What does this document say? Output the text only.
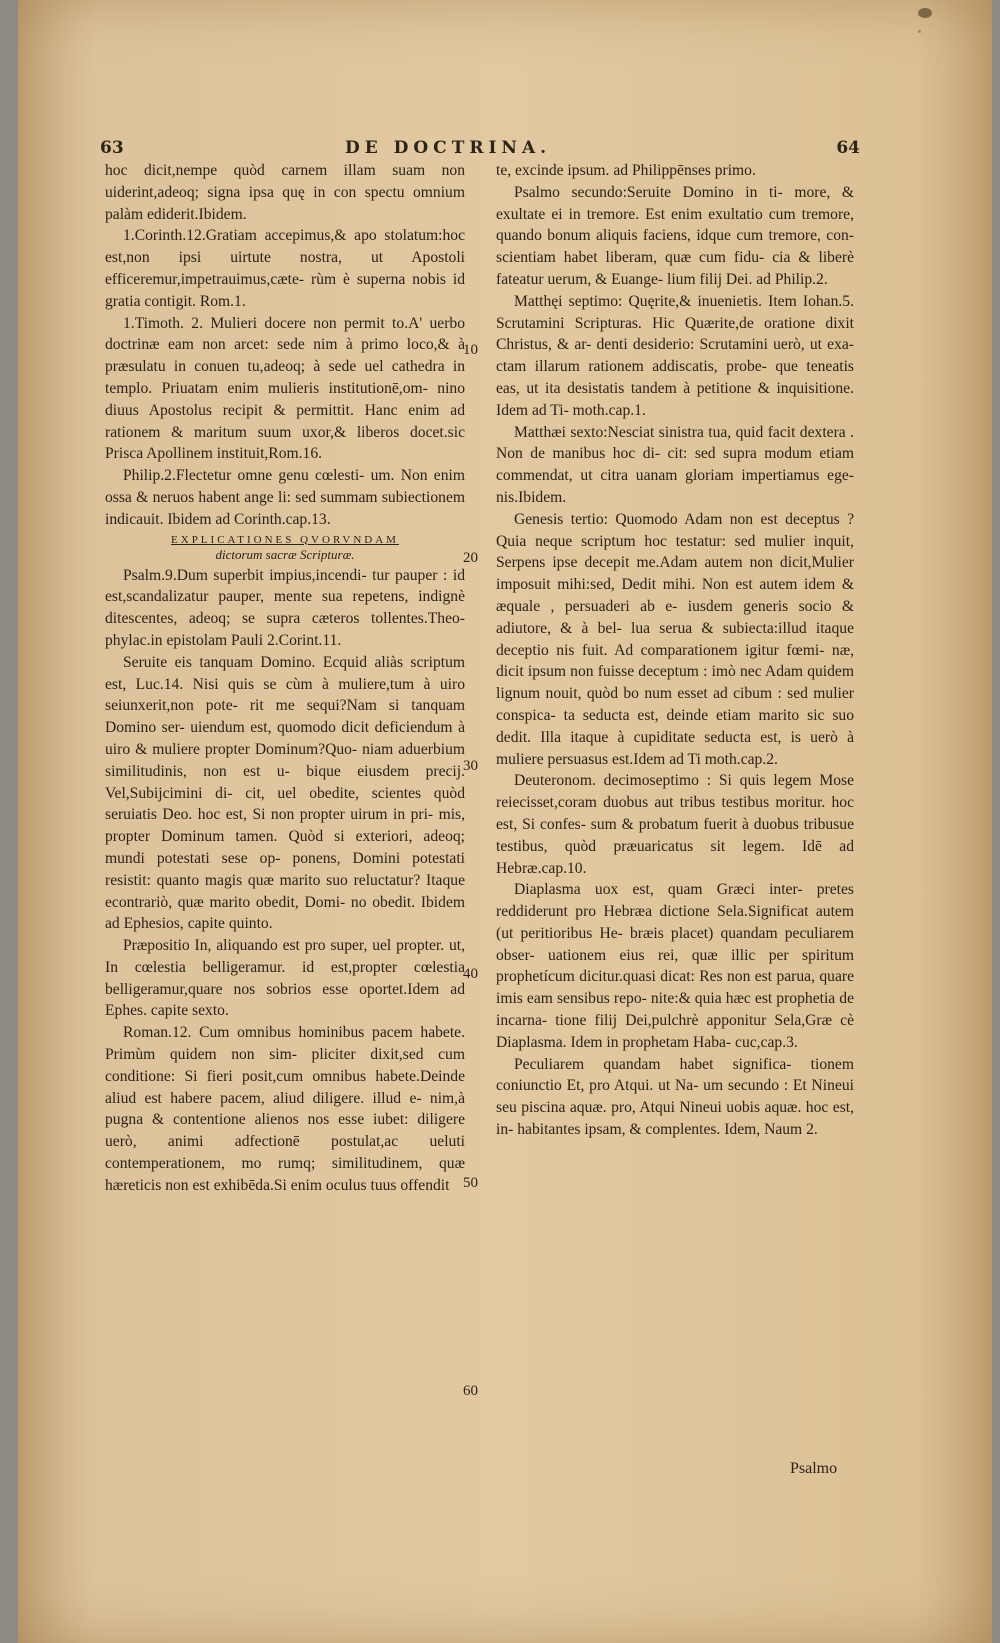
63	DE DOCTRINA.	64

hoc dicit,nempe quòd carnem illam suam non uiderint,adeoq; signa ipsa quę in con spectu omnium palàm ediderit.Ibidem.

1.Corinth.12.Gratiam accepimus,& apo stolatum:hoc est,non ipsi uirtute nostra, ut Apostoli efficeremur,impetrauimus,cæte- rùm è superna nobis id gratia contigit. Rom.1.

1.Timoth. 2. Mulieri docere non permit to.A' uerbo doctrinæ eam non arcet: sede nim à primo loco,& à præsulatu in conuen tu,adeoq; à sede uel cathedra in templo. Priuatam enim mulieris institutionē,om- nino diuus Apostolus recipit & permittit. Hanc enim ad rationem & maritum suum uxor,& liberos docet.sic Prisca Apollinem instituit,Rom.16.

Philip.2.Flectetur omne genu cœlesti- um. Non enim ossa & neruos habent ange li: sed summam subiectionem indicauit. Ibidem ad Corinth.cap.13.

EXPLICATIONES QVORVNDAM
dictorum sacræ Scripturæ.

Psalm.9.Dum superbit impius,incendi- tur pauper : id est,scandalizatur pauper, mente sua repetens, indignè ditescentes, adeoq; se supra cæteros tollentes.Theo- phylac.in epistolam Pauli 2.Corint.11.

Seruite eis tanquam Domino. Ecquid aliàs scriptum est, Luc.14. Nisi quis se cùm à muliere,tum à uiro seiunxerit,non pote- rit me sequi?Nam si tanquam Domino ser- uiendum est, quomodo dicit deficiendum à uiro & muliere propter Dominum?Quo- niam aduerbium similitudinis, non est u- bique eiusdem precij. Vel,Subijcimini di- cit, uel obedite, scientes quòd seruiatis Deo. hoc est, Si non propter uirum in pri- mis, propter Dominum tamen. Quòd si exteriori, adeoq; mundi potestati sese op- ponens, Domini potestati resistit: quanto magis quæ marito suo reluctatur? Itaque econtrariò, quæ marito obedit, Domi- no obedit. Ibidem ad Ephesios, capite quinto.

Præpositio In, aliquando est pro super, uel propter. ut, In cœlestia belligeramur. id est,propter cœlestia belligeramur,quare nos sobrios esse oportet.Idem ad Ephes. capite sexto.

Roman.12. Cum omnibus hominibus pacem habete. Primùm quidem non sim- pliciter dixit,sed cum conditione: Si fieri posit,cum omnibus habete.Deinde aliud est habere pacem, aliud diligere. illud e- nim,à pugna & contentione alienos nos esse iubet: diligere uerò, animi adfectionē postulat,ac ueluti contemperationem, mo rumq; similitudinem, quæ hæreticis non est exhibēda.Si enim oculus tuus offendit

10
20
30
40
50
60

te, excinde ipsum. ad Philippēnses primo.

Psalmo secundo:Seruite Domino in ti- more, & exultate ei in tremore. Est enim exultatio cum tremore, quando bonum aliquis faciens, idque cum tremore, con- scientiam habet liberam, quæ cum fidu- cia & liberè fateatur uerum, & Euange- lium filij Dei. ad Philip.2.

Matthęi septimo: Quęrite,& inuenietis. Item Iohan.5. Scrutamini Scripturas. Hic Quærite,de oratione dixit Christus, & ar- denti desiderio: Scrutamini uerò, ut exa- ctam illarum rationem addiscatis, probe- que teneatis eas, ut ita desistatis tandem à petitione & inquisitione. Idem ad Ti- moth.cap.1.

Matthæi sexto:Nesciat sinistra tua, quid facit dextera . Non de manibus hoc di- cit: sed supra modum etiam commendat, ut citra uanam gloriam impertiamus ege- nis.Ibidem.

Genesis tertio: Quomodo Adam non est deceptus ? Quia neque scriptum hoc testatur: sed mulier inquit, Serpens ipse decepit me.Adam autem non dicit,Mulier imposuit mihi:sed, Dedit mihi. Non est autem idem & æquale , persuaderi ab e- iusdem generis socio & adiutore, & à bel- lua serua & subiecta:illud itaque deceptio nis fuit. Ad comparationem igitur fœmi- næ, dicit ipsum non fuisse deceptum : imò nec Adam quidem lignum nouit, quòd bo num esset ad cibum : sed mulier conspica- ta seducta est, deinde etiam marito sic suo dedit. Illa itaque à cupiditate seducta est, is uerò à muliere persuasus est.Idem ad Ti moth.cap.2.

Deuteronom. decimoseptimo : Si quis legem Mose reiecisset,coram duobus aut tribus testibus moritur. hoc est, Si confes- sum & probatum fuerit à duobus tribusue testibus, quòd præuaricatus sit legem. Idē ad Hebræ.cap.10.

Diaplasma uox est, quam Græci inter- pretes reddiderunt pro Hebræa dictione Sela.Significat autem (ut peritioribus He- bræis placet) quandam peculiarem obser- uationem eius rei, quæ illic per spiritum prophetícum dicitur.quasi dicat: Res non est parua, quare imis eam sensibus repo- nite:& quia hæc est prophetia de incarna- tione filij Dei,pulchrè apponitur Sela,Græ cè Diaplasma. Idem in prophetam Haba- cuc,cap.3.

Peculiarem quandam habet significa- tionem coniunctio Et, pro Atqui. ut Na- um secundo : Et Nineui seu piscina aquæ. pro, Atqui Nineui uobis aquæ. hoc est, in- habitantes ipsam, & complentes. Idem, Naum 2.

Psalmo
